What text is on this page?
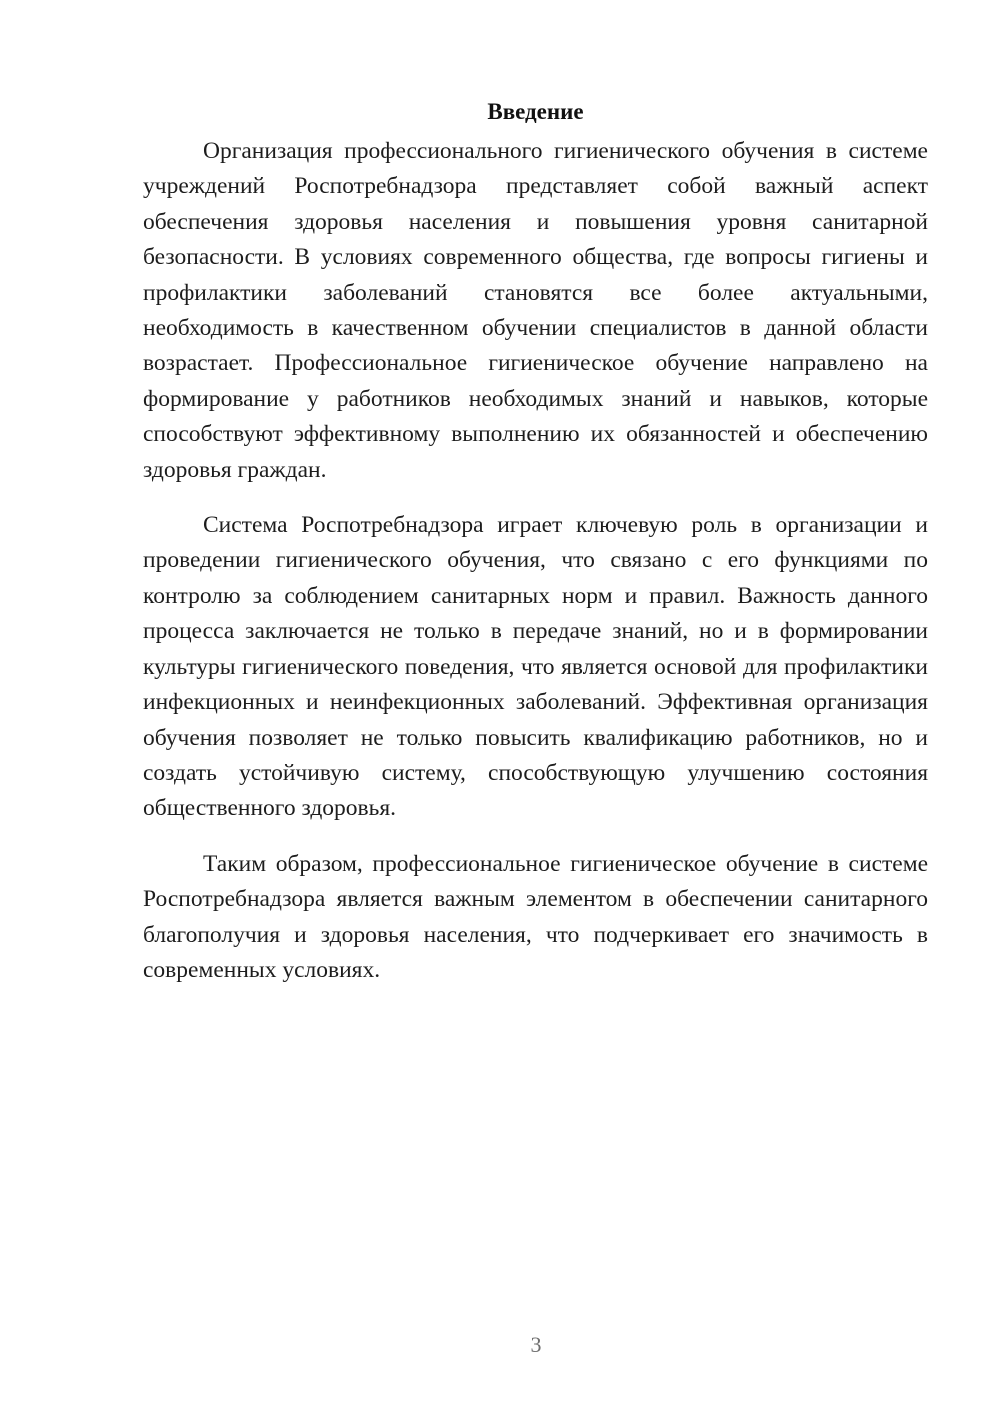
Введение

Организация профессионального гигиенического обучения в системе учреждений Роспотребнадзора представляет собой важный аспект обеспечения здоровья населения и повышения уровня санитарной безопасности. В условиях современного общества, где вопросы гигиены и профилактики заболеваний становятся все более актуальными, необходимость в качественном обучении специалистов в данной области возрастает. Профессиональное гигиеническое обучение направлено на формирование у работников необходимых знаний и навыков, которые способствуют эффективному выполнению их обязанностей и обеспечению здоровья граждан.

Система Роспотребнадзора играет ключевую роль в организации и проведении гигиенического обучения, что связано с его функциями по контролю за соблюдением санитарных норм и правил. Важность данного процесса заключается не только в передаче знаний, но и в формировании культуры гигиенического поведения, что является основой для профилактики инфекционных и неинфекционных заболеваний. Эффективная организация обучения позволяет не только повысить квалификацию работников, но и создать устойчивую систему, способствующую улучшению состояния общественного здоровья.

Таким образом, профессиональное гигиеническое обучение в системе Роспотребнадзора является важным элементом в обеспечении санитарного благополучия и здоровья населения, что подчеркивает его значимость в современных условиях.

3
